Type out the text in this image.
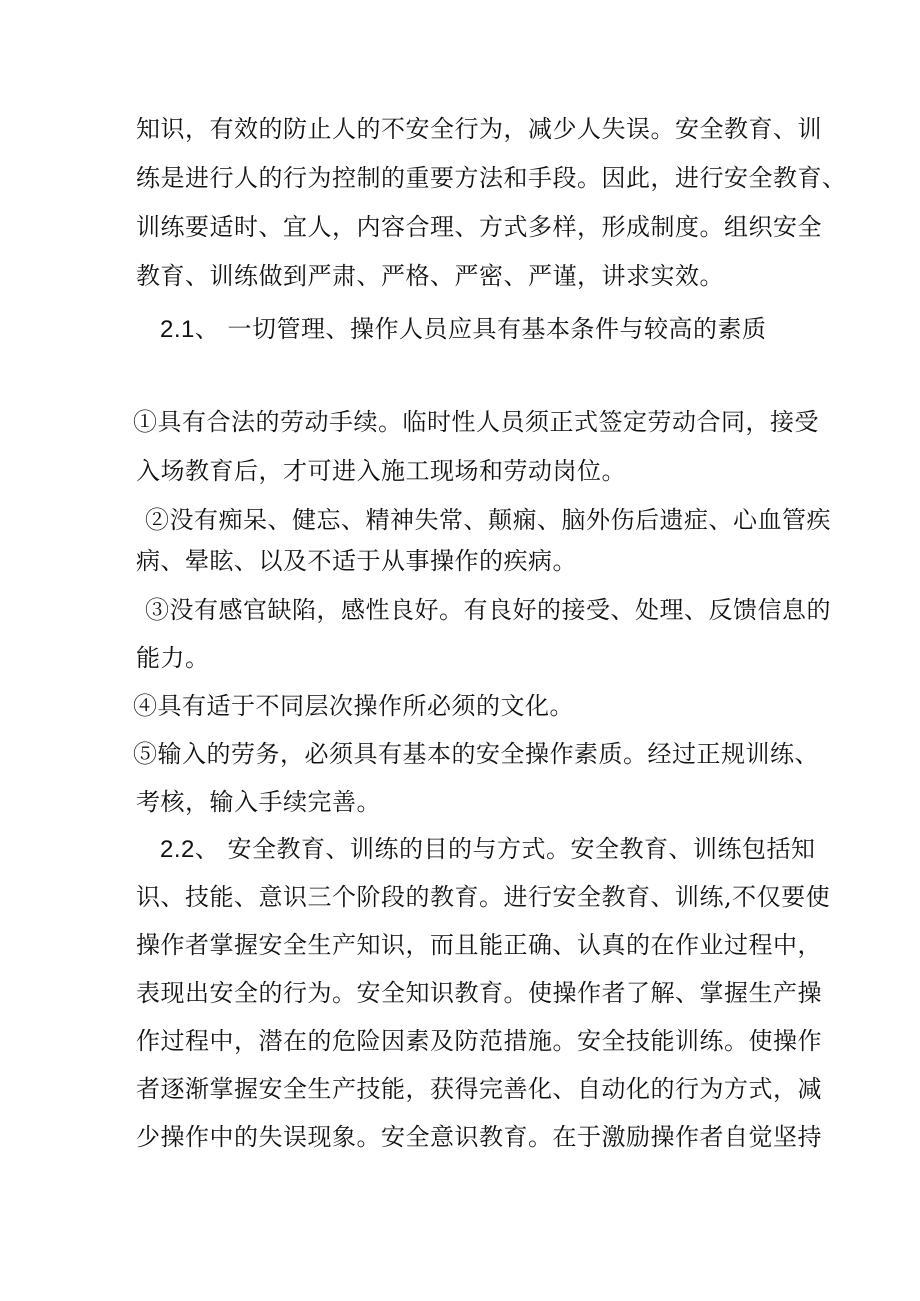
知识，有效的防止人的不安全行为，减少人失误。安全教育、训
练是进行人的行为控制的重要方法和手段。因此，进行安全教育、
训练要适时、宜人，内容合理、方式多样，形成制度。组织安全
教育、训练做到严肃、严格、严密、严谨，讲求实效。
2.1、 一切管理、操作人员应具有基本条件与较高的素质
①具有合法的劳动手续。临时性人员须正式签定劳动合同，接受
入场教育后，才可进入施工现场和劳动岗位。
②没有痴呆、健忘、精神失常、颠痫、脑外伤后遗症、心血管疾
病、晕眩、以及不适于从事操作的疾病。
③没有感官缺陷，感性良好。有良好的接受、处理、反馈信息的
能力。
④具有适于不同层次操作所必须的文化。
⑤输入的劳务，必须具有基本的安全操作素质。经过正规训练、
考核，输入手续完善。
2.2、 安全教育、训练的目的与方式。安全教育、训练包括知
识、技能、意识三个阶段的教育。进行安全教育、训练,不仅要使
操作者掌握安全生产知识，而且能正确、认真的在作业过程中，
表现出安全的行为。安全知识教育。使操作者了解、掌握生产操
作过程中，潜在的危险因素及防范措施。安全技能训练。使操作
者逐渐掌握安全生产技能，获得完善化、自动化的行为方式，减
少操作中的失误现象。安全意识教育。在于激励操作者自觉坚持
